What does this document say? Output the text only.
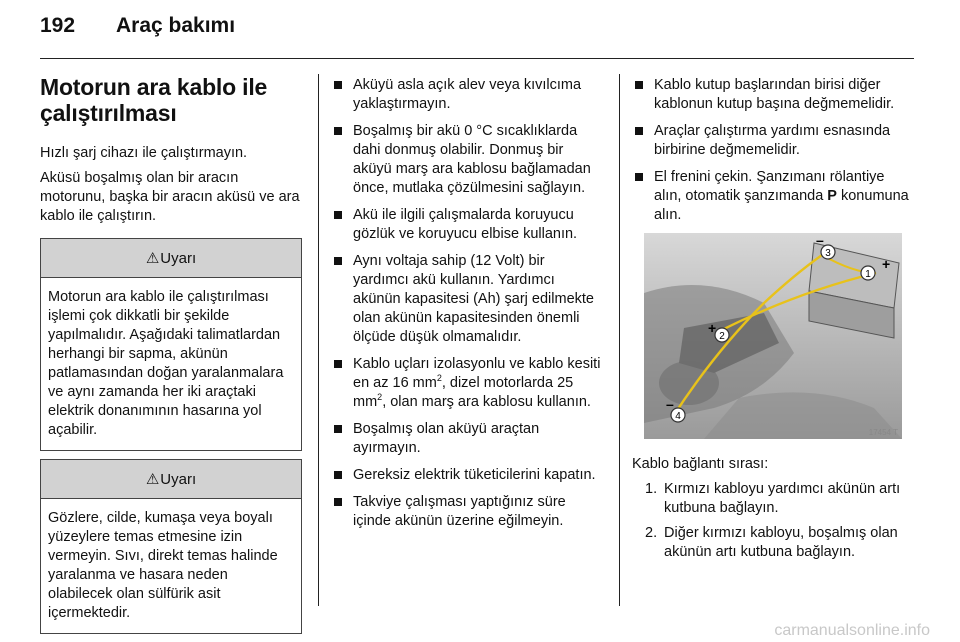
192 Araç bakımı
Motorun ara kablo ile çalıştırılması

Hızlı şarj cihazı ile çalıştırmayın.

Aküsü boşalmış olan bir aracın motorunu, başka bir aracın aküsü ve ara kablo ile çalıştırın.

⚠ Uyarı
Motorun ara kablo ile çalıştırılması işlemi çok dikkatli bir şekilde yapılmalıdır. Aşağıdaki talimatlardan herhangi bir sapma, akünün patlamasından doğan yaralanmalara ve aynı zamanda her iki araçtaki elektrik donanımının hasarına yol açabilir.
⚠ Uyarı
Gözlere, cilde, kumaşa veya boyalı yüzeylere temas etmesine izin vermeyin. Sıvı, direkt temas halinde yaralanma ve hasara neden olabilecek olan sülfürik asit içermektedir.
Aküyü asla açık alev veya kıvılcıma yaklaştırmayın.
Boşalmış bir akü 0 °C sıcaklıklarda dahi donmuş olabilir. Donmuş bir aküyü marş ara kablosu bağlamadan önce, mutlaka çözülmesini sağlayın.
Akü ile ilgili çalışmalarda koruyucu gözlük ve koruyucu elbise kullanın.
Aynı voltaja sahip (12 Volt) bir yardımcı akü kullanın. Yardımcı akünün kapasitesi (Ah) şarj edilmekte olan akünün kapasitesinden önemli ölçüde düşük olmamalıdır.
Kablo uçları izolasyonlu ve kablo kesiti en az 16 $mm^2$, dizel motorlarda 25 $mm^2$, olan marş ara kablosu kullanın.
Boşalmış olan aküyü araçtan ayırmayın.
Gereksiz elektrik tüketicilerini kapatın.
Takviye çalışması yaptığınız süre içinde akünün üzerine eğilmeyin.
Kablo kutup başlarından birisi diğer kablonun kutup başına değmemelidir.
Araçlar çalıştırma yardımı esnasında birbirine değmemelidir.
El frenini çekin. Şanzımanı rölantiye alın, otomatik şanzımanda P konumuna alın.
1
2
3
4
+
+
–
–
17454 T

Kablo bağlantı sırası:

1. Kırmızı kabloyu yardımcı akünün artı kutbuna bağlayın.
2. Diğer kırmızı kabloyu, boşalmış olan akünün artı kutbuna bağlayın.
carmanualsonline.info
